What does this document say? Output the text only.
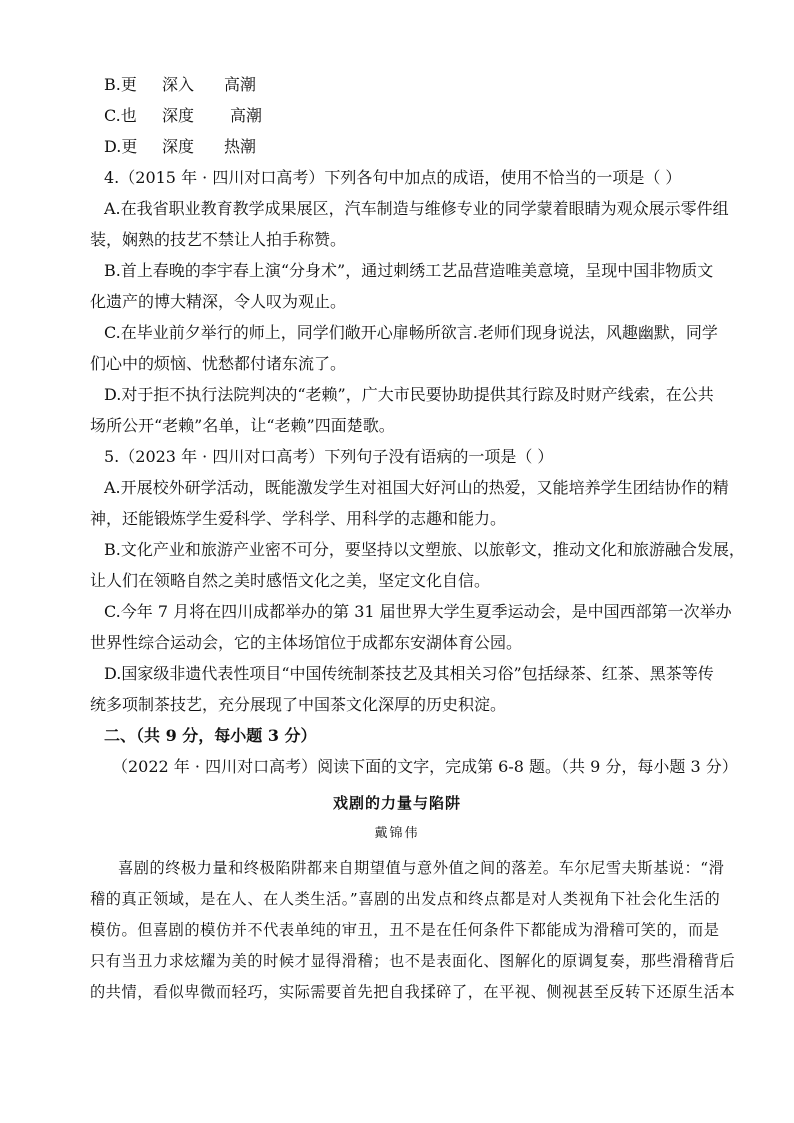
B.更 深入 高潮
C.也 深度 高潮
D.更 深度 热潮
4.（2015 年 · 四川对口高考）下列各句中加点的成语，使用不恰当的一项是（ ）
A.在我省职业教育教学成果展区，汽车制造与维修专业的同学蒙着眼睛为观众展示零件组
装，娴熟的技艺不禁让人拍手称赞。
B.首上春晚的李宇春上演“分身术”，通过刺绣工艺品营造唯美意境，呈现中国非物质文
化遗产的博大精深，令人叹为观止。
C.在毕业前夕举行的师上，同学们敞开心扉畅所欲言.老师们现身说法，风趣幽默，同学
们心中的烦恼、忧愁都付诸东流了。
D.对于拒不执行法院判决的“老赖”，广大市民要协助提供其行踪及时财产线索，在公共
场所公开“老赖”名单，让“老赖”四面楚歌。
5.（2023 年 · 四川对口高考）下列句子没有语病的一项是（ ）
A.开展校外研学活动，既能激发学生对祖国大好河山的热爱，又能培养学生团结协作的精
神，还能锻炼学生爱科学、学科学、用科学的志趣和能力。
B.文化产业和旅游产业密不可分，要坚持以文塑旅、以旅彰文，推动文化和旅游融合发展，
让人们在领略自然之美时感悟文化之美，坚定文化自信。
C.今年 7 月将在四川成都举办的第 31 届世界大学生夏季运动会，是中国西部第一次举办
世界性综合运动会，它的主体场馆位于成都东安湖体育公园。
D.国家级非遗代表性项目“中国传统制茶技艺及其相关习俗”包括绿茶、红茶、黑茶等传
统多项制茶技艺，充分展现了中国茶文化深厚的历史积淀。
二、（共 9 分，每小题 3 分）
（2022 年 · 四川对口高考）阅读下面的文字，完成第 6-8 题。（共 9 分，每小题 3 分）
戏剧的力量与陷阱
戴锦伟
喜剧的终极力量和终极陷阱都来自期望值与意外值之间的落差。车尔尼雪夫斯基说：“滑
稽的真正领域，是在人、在人类生活。”喜剧的出发点和终点都是对人类视角下社会化生活的
模仿。但喜剧的模仿并不代表单纯的审丑，丑不是在任何条件下都能成为滑稽可笑的，而是
只有当丑力求炫耀为美的时候才显得滑稽；也不是表面化、图解化的原调复奏，那些滑稽背后
的共情，看似卑微而轻巧，实际需要首先把自我揉碎了，在平视、侧视甚至反转下还原生活本
